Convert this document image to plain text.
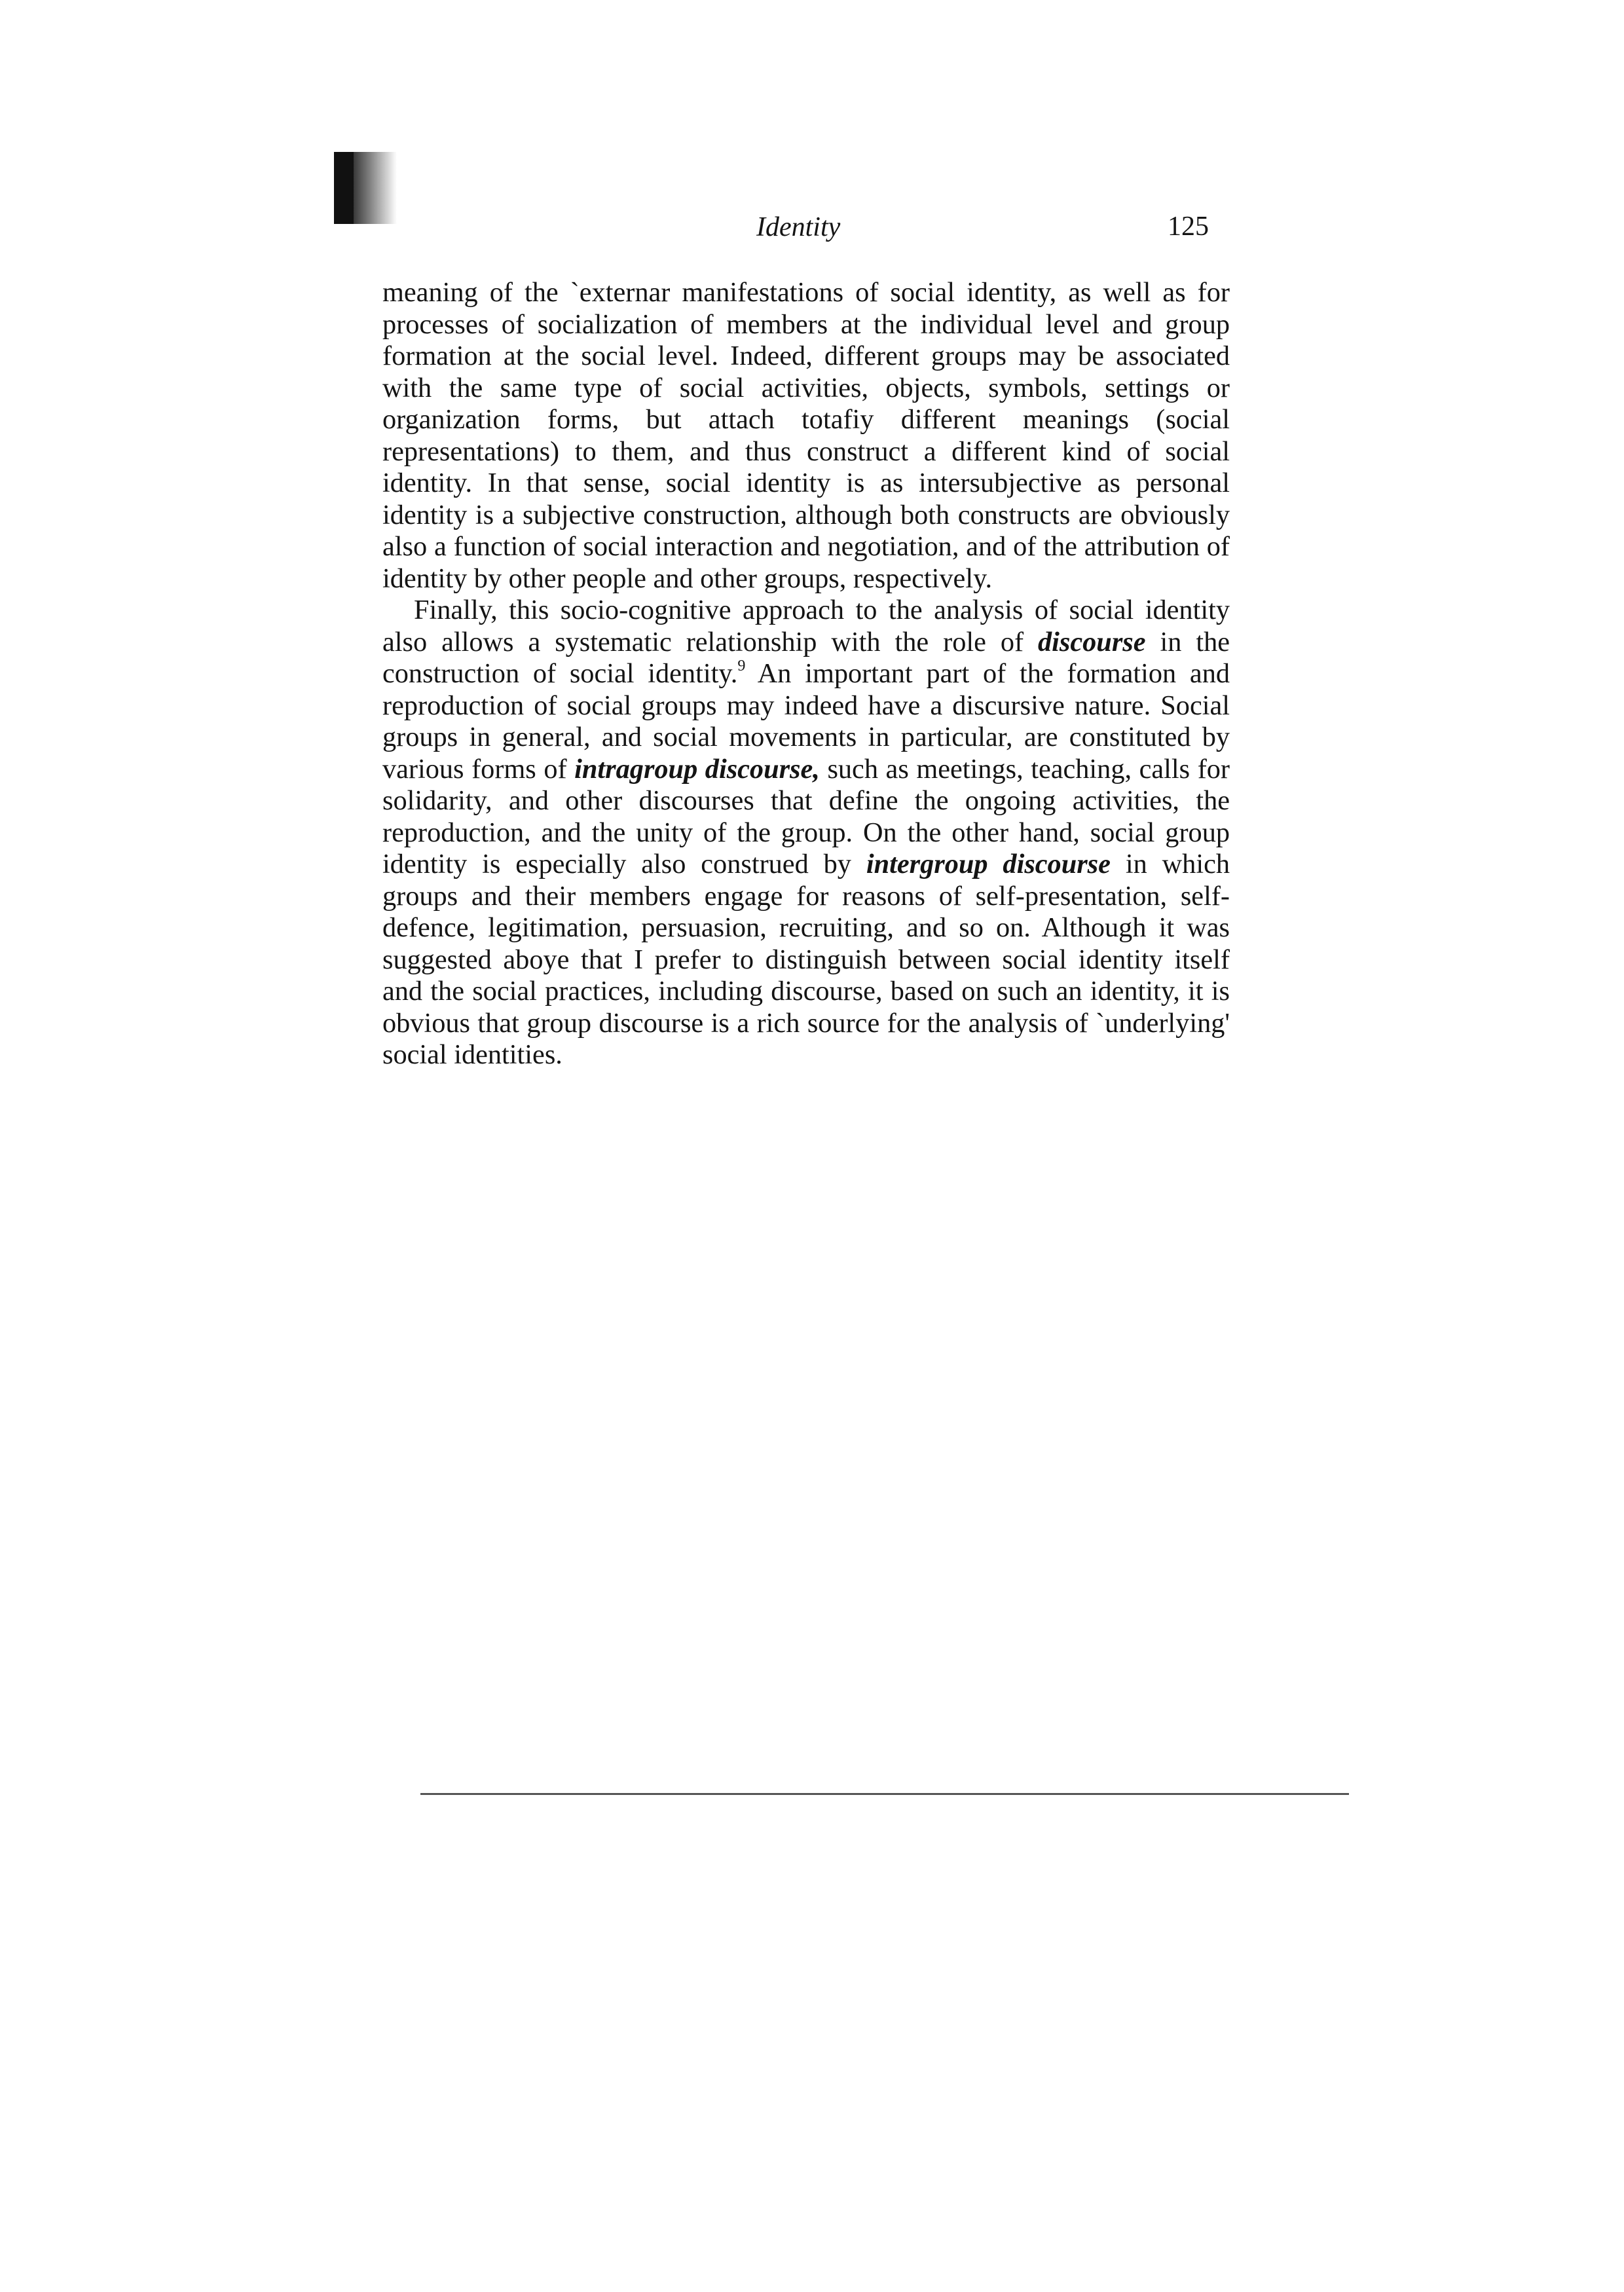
Identity	125

meaning of the `externar manifestations of social identity, as well as for processes of socialization of members at the individual level and group formation at the social level. Indeed, different groups may be associated with the same type of social activities, objects, symbols, settings or organization forms, but attach totafiy different meanings (social representations) to them, and thus construct a different kind of social identity. In that sense, social identity is as intersubjective as personal identity is a subjective construction, although both constructs are obviously also a function of social interaction and negotiation, and of the attribution of identity by other people and other groups, respectively.

Finally, this socio-cognitive approach to the analysis of social identity also allows a systematic relationship with the role of discourse in the construction of social identity.$^9$ An important part of the formation and reproduction of social groups may indeed have a discursive nature. Social groups in general, and social movements in particular, are constituted by various forms of intragroup discourse, such as meetings, teaching, calls for solidarity, and other discourses that define the ongoing activities, the reproduction, and the unity of the group. On the other hand, social group identity is especially also construed by intergroup discourse in which groups and their members engage for reasons of self-presentation, self-defence, legitimation, persuasion, recruiting, and so on. Although it was suggested aboye that I prefer to distinguish between social identity itself and the social practices, including discourse, based on such an identity, it is obvious that group discourse is a rich source for the analysis of `underlying' social identities.
